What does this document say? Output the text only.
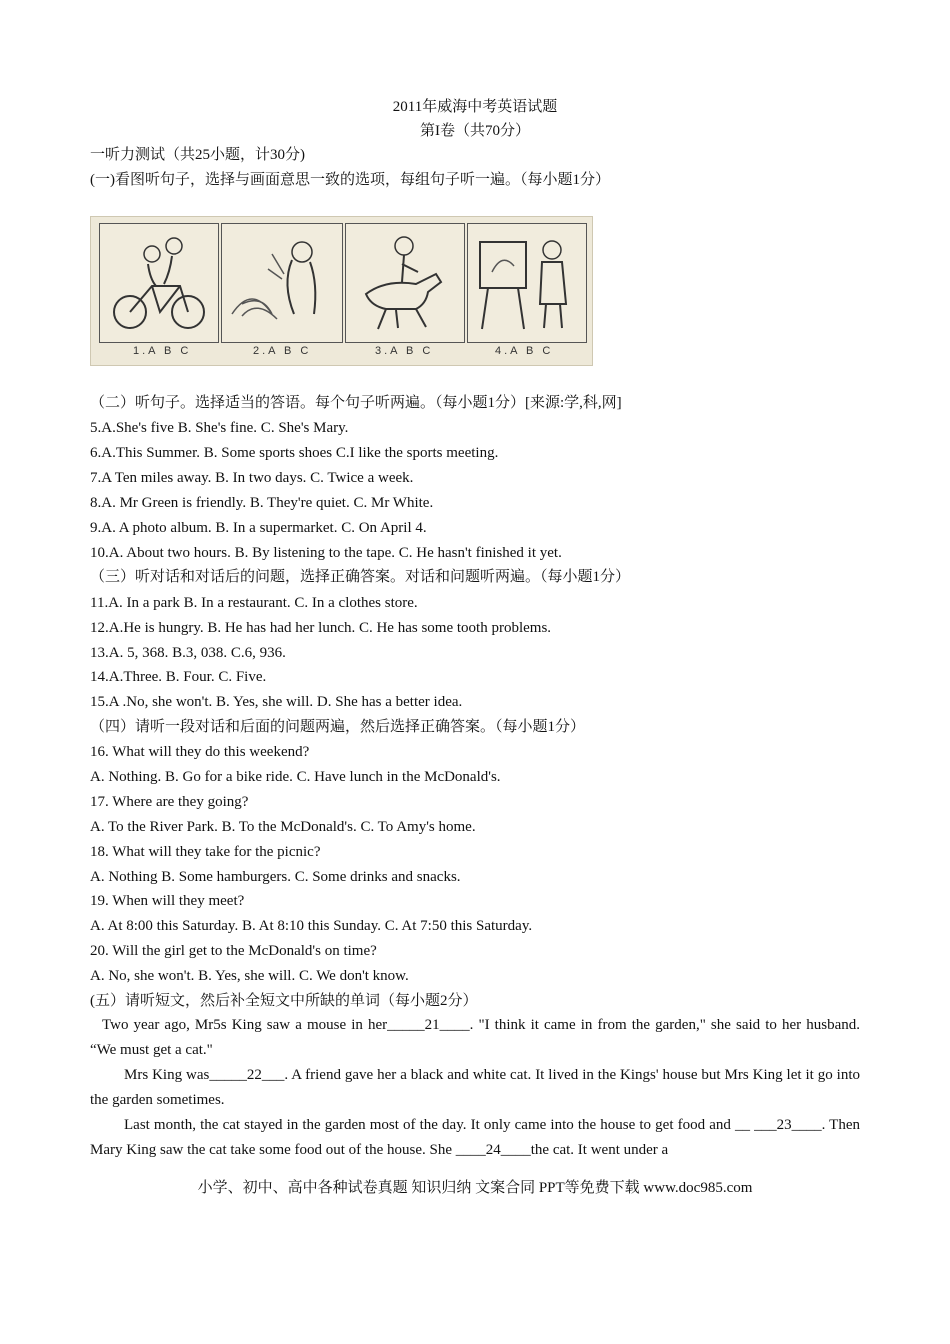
2011年威海中考英语试题
第I卷（共70分）
一听力测试（共25小题，计30分)
(一)看图听句子，选择与画面意思一致的选项，每组句子听一遍。（每小题1分）
1.A B C	2.A B C	3.A B C	4.A B C
（二）听句子。选择适当的答语。每个句子听两遍。（每小题1分）[来源:学,科,网]
5.A.She's five B. She's fine. C. She's Mary.
6.A.This Summer. B. Some sports shoes C.I like the sports meeting.
7.A Ten miles away. B. In two days. C. Twice a week.
8.A. Mr Green is friendly. B. They're quiet. C. Mr White.
9.A. A photo album. B. In a supermarket. C. On April 4.
10.A. About two hours. B. By listening to the tape. C. He hasn't finished it yet.
（三）听对话和对话后的问题，选择正确答案。对话和问题听两遍。（每小题1分）
11.A. In a park B. In a restaurant. C. In a clothes store.
12.A.He is hungry. B. He has had her lunch. C. He has some tooth problems.
13.A. 5, 368. B.3, 038. C.6, 936.
14.A.Three. B. Four. C. Five.
15.A .No, she won't. B. Yes, she will. D. She has a better idea.
（四）请听一段对话和后面的问题两遍，然后选择正确答案。（每小题1分）
16. What will they do this weekend?
A. Nothing. B. Go for a bike ride. C. Have lunch in the McDonald's.
17. Where are they going?
A. To the River Park. B. To the McDonald's. C. To Amy's home.
18. What will they take for the picnic?
A. Nothing B. Some hamburgers. C. Some drinks and snacks.
19. When will they meet?
A. At 8:00 this Saturday. B. At 8:10 this Sunday. C. At 7:50 this Saturday.
20. Will the girl get to the McDonald's on time?
A. No, she won't. B. Yes, she will. C. We don't know.
(五）请听短文，然后补全短文中所缺的单词（每小题2分）
Two year ago, Mr5s King saw a mouse in her_____21____. "I think it came in from the garden," she said to her husband. “We must get a cat."
Mrs King was_____22___. A friend gave her a black and white cat. It lived in the Kings' house but Mrs King let it go into the garden sometimes.
Last month, the cat stayed in the garden most of the day. It only came into the house to get food and __ ___23____. Then Mary King saw the cat take some food out of the house. She ____24____the cat. It went under a
小学、初中、高中各种试卷真题 知识归纳 文案合同 PPT等免费下载 www.doc985.com
